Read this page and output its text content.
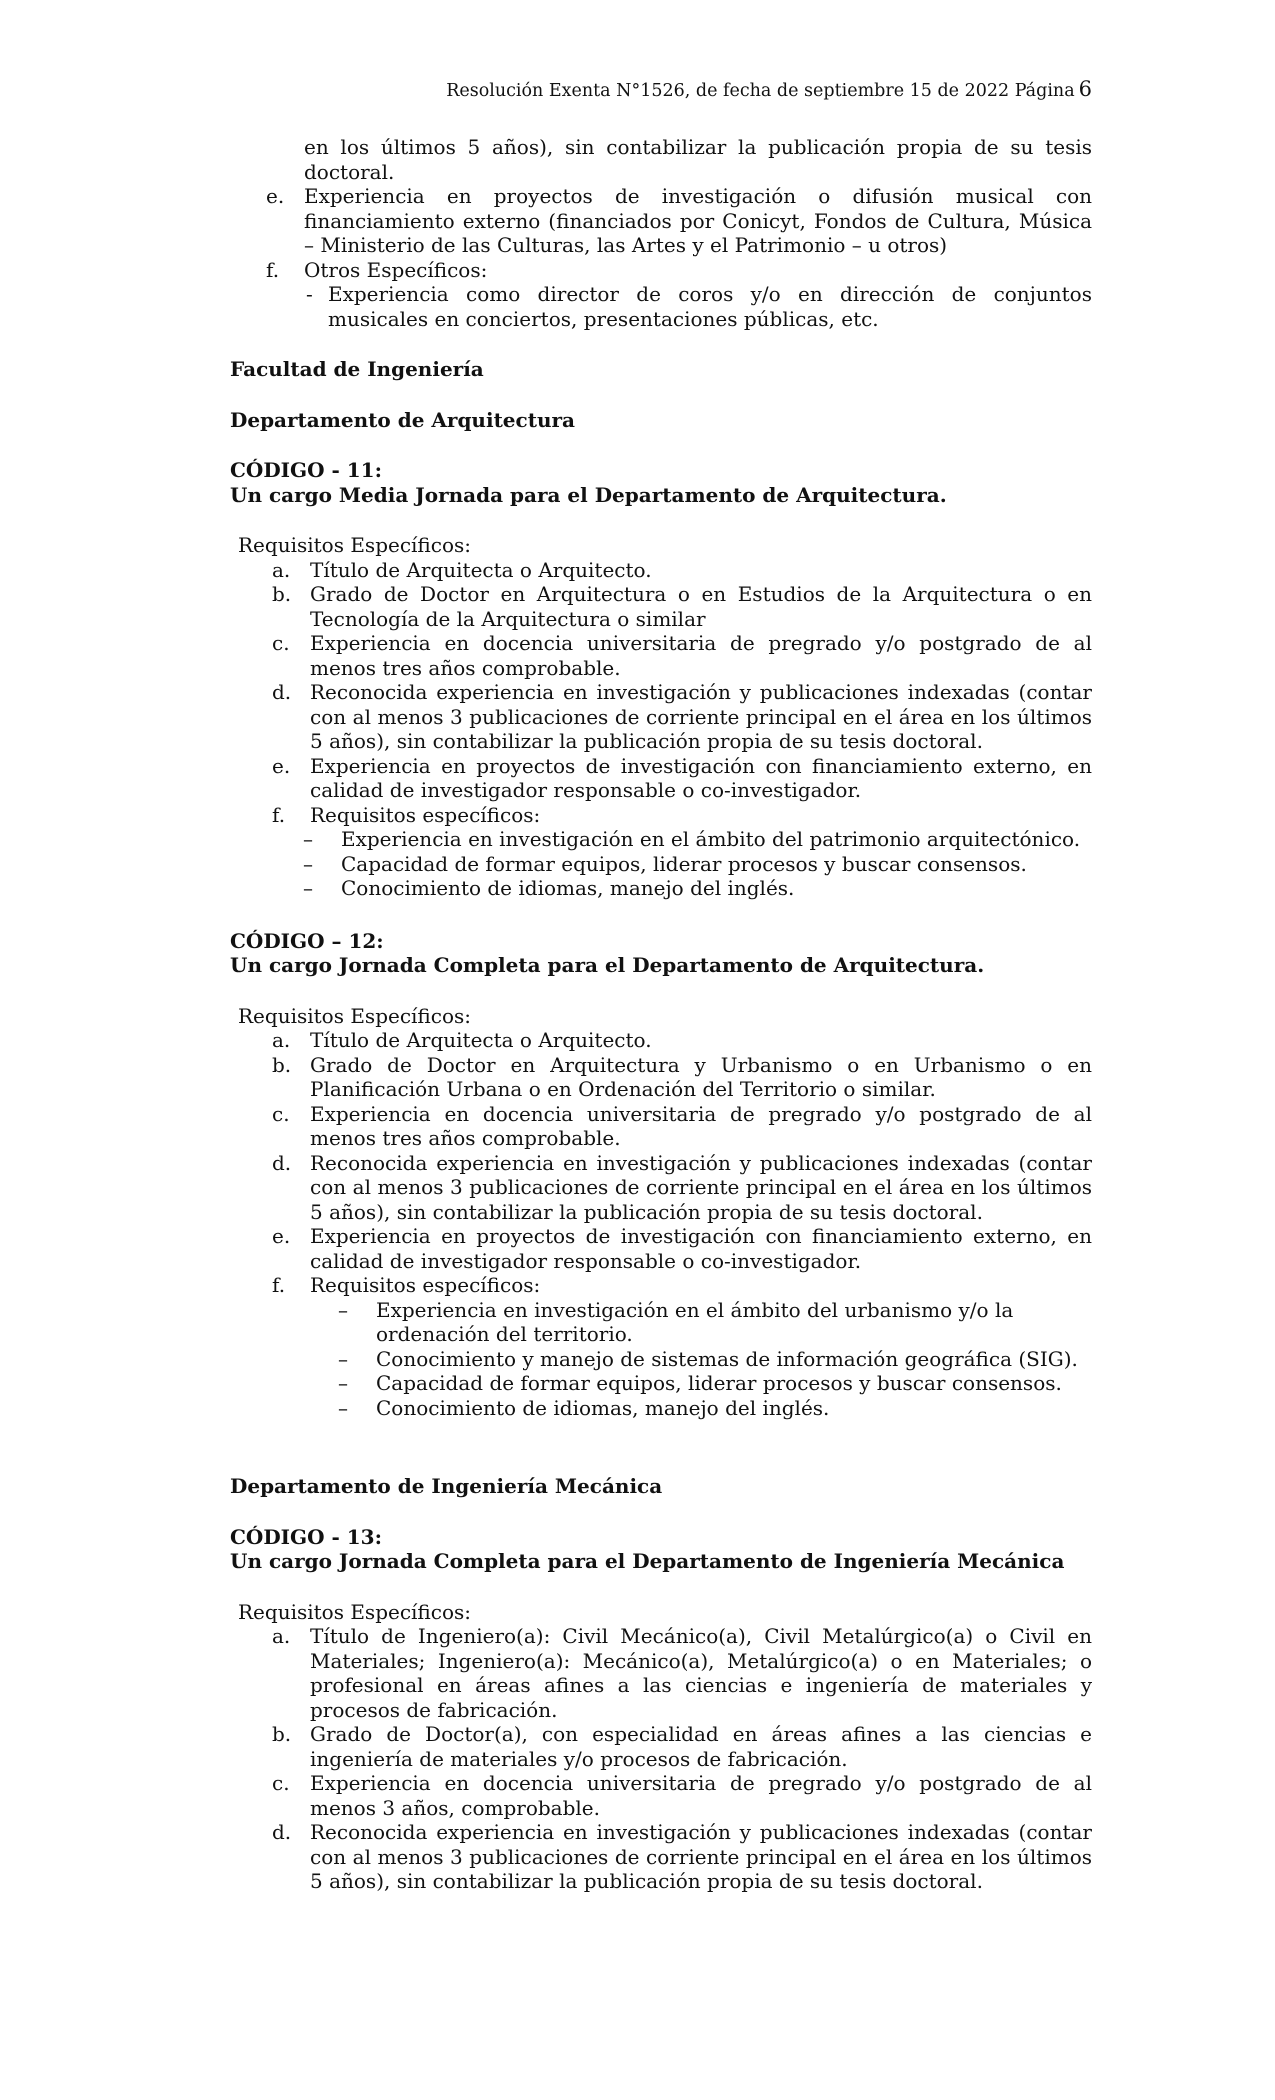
Resolución Exenta N°1526, de fecha de septiembre 15 de 2022 Página 6
en los últimos 5 años), sin contabilizar la publicación propia de su tesis doctoral.
e. Experiencia en proyectos de investigación o difusión musical con financiamiento externo (financiados por Conicyt, Fondos de Cultura, Música – Ministerio de las Culturas, las Artes y el Patrimonio – u otros)
f.	Otros Específicos:
- Experiencia como director de coros y/o en dirección de conjuntos musicales en conciertos, presentaciones públicas, etc.
Facultad de Ingeniería
Departamento de Arquitectura
CÓDIGO - 11:
Un cargo Media Jornada para el Departamento de Arquitectura.
Requisitos Específicos:
a. Título de Arquitecta o Arquitecto.
b. Grado de Doctor en Arquitectura o en Estudios de la Arquitectura o en Tecnología de la Arquitectura o similar
c.	Experiencia en docencia universitaria de pregrado y/o postgrado de al menos tres años comprobable.
d. Reconocida experiencia en investigación y publicaciones indexadas (contar con al menos 3 publicaciones de corriente principal en el área en los últimos 5 años), sin contabilizar la publicación propia de su tesis doctoral.
e. Experiencia en proyectos de investigación con financiamiento externo, en calidad de investigador responsable o co-investigador.
f.	Requisitos específicos:
–	Experiencia en investigación en el ámbito del patrimonio arquitectónico.
–	Capacidad de formar equipos, liderar procesos y buscar consensos.
–	Conocimiento de idiomas, manejo del inglés.
CÓDIGO – 12:
Un cargo Jornada Completa para el Departamento de Arquitectura.
Requisitos Específicos:
a. Título de Arquitecta o Arquitecto.
b. Grado de Doctor en Arquitectura y Urbanismo o en Urbanismo o en Planificación Urbana o en Ordenación del Territorio o similar.
c.	Experiencia en docencia universitaria de pregrado y/o postgrado de al menos tres años comprobable.
d. Reconocida experiencia en investigación y publicaciones indexadas (contar con al menos 3 publicaciones de corriente principal en el área en los últimos 5 años), sin contabilizar la publicación propia de su tesis doctoral.
e. Experiencia en proyectos de investigación con financiamiento externo, en calidad de investigador responsable o co-investigador.
f.	Requisitos específicos:
–	Experiencia en investigación en el ámbito del urbanismo y/o la ordenación del territorio.
–	Conocimiento y manejo de sistemas de información geográfica (SIG).
–	Capacidad de formar equipos, liderar procesos y buscar consensos.
–	Conocimiento de idiomas, manejo del inglés.
Departamento de Ingeniería Mecánica
CÓDIGO - 13:
Un cargo Jornada Completa para el Departamento de Ingeniería Mecánica
Requisitos Específicos:
a. Título de Ingeniero(a): Civil Mecánico(a), Civil Metalúrgico(a) o Civil en Materiales; Ingeniero(a): Mecánico(a), Metalúrgico(a) o en Materiales; o profesional en áreas afines a las ciencias e ingeniería de materiales y procesos de fabricación.
b. Grado de Doctor(a), con especialidad en áreas afines a las ciencias e ingeniería de materiales y/o procesos de fabricación.
c.	Experiencia en docencia universitaria de pregrado y/o postgrado de al menos 3 años, comprobable.
d. Reconocida experiencia en investigación y publicaciones indexadas (contar con al menos 3 publicaciones de corriente principal en el área en los últimos 5 años), sin contabilizar la publicación propia de su tesis doctoral.
